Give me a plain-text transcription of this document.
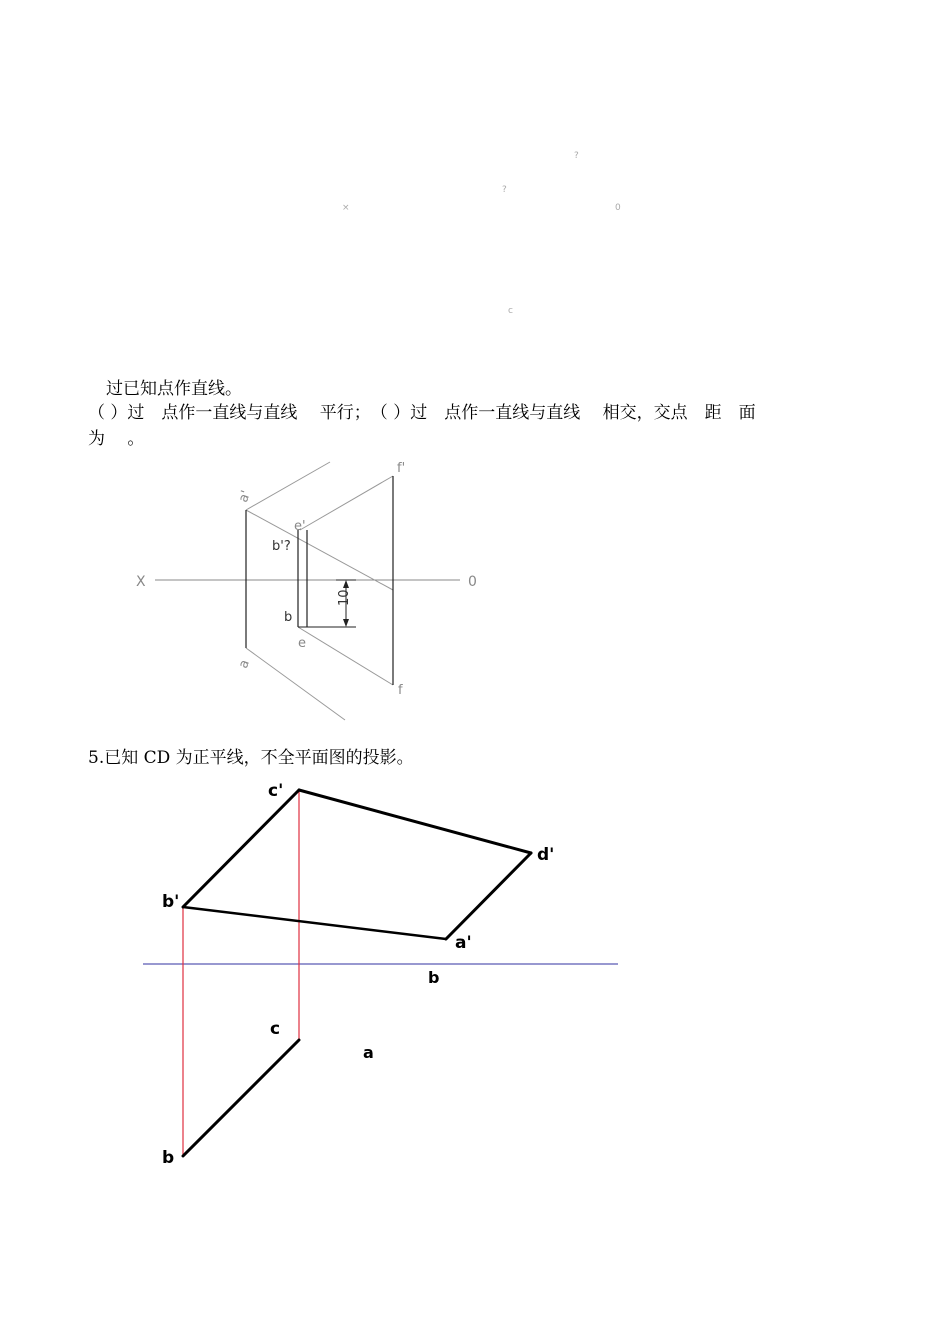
?
?
×	0
c
过已知点作直线。
（ ）过　点作一直线与直线　 平行；　（ ）过　点作一直线与直线　 相交，交点　距　面
为　 。
a'
e'
f'
b'?
X	0
b
e
a
f
10
5.已知 CD 为正平线，不全平面图的投影。
c'
d'
b'
a'
c
b
b
a
